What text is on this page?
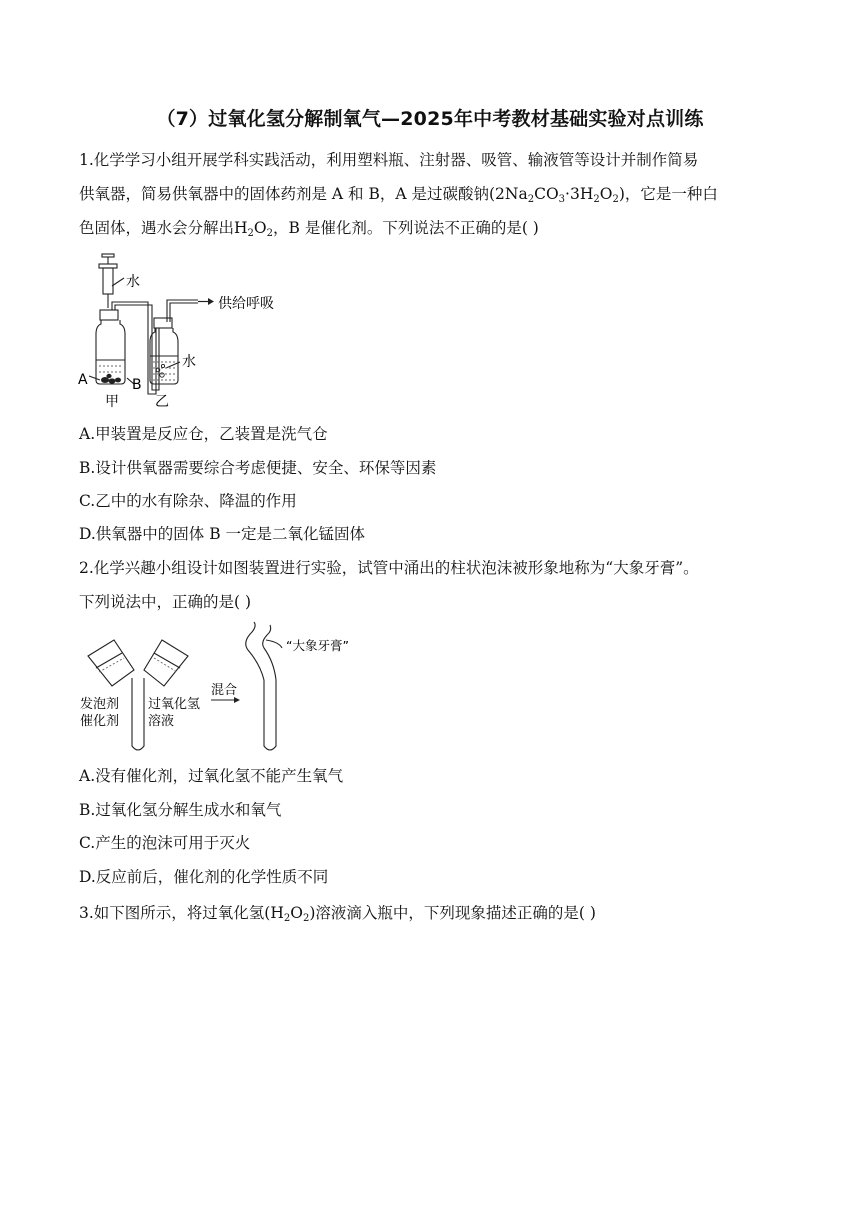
（7）过氧化氢分解制氧气—2025年中考教材基础实验对点训练
1.化学学习小组开展学科实践活动，利用塑料瓶、注射器、吸管、输液管等设计并制作简易
供氧器，简易供氧器中的固体药剂是 A 和 B，A 是过碳酸钠$(2Na_2CO_3\cdot 3H_2O_2)$，它是一种白
色固体，遇水会分解出$H_2O_2$，B 是催化剂。下列说法不正确的是( )
水
供给呼吸
水
A	B
甲	乙
A.甲装置是反应仓，乙装置是洗气仓
B.设计供氧器需要综合考虑便捷、安全、环保等因素
C.乙中的水有除杂、降温的作用
D.供氧器中的固体 B 一定是二氧化锰固体
2.化学兴趣小组设计如图装置进行实验，试管中涌出的柱状泡沫被形象地称为“大象牙膏”。
下列说法中，正确的是( )
“大象牙膏”
发泡剂
催化剂
过氧化氢
溶液
混合
A.没有催化剂，过氧化氢不能产生氧气
B.过氧化氢分解生成水和氧气
C.产生的泡沫可用于灭火
D.反应前后，催化剂的化学性质不同
3.如下图所示，将过氧化氢$(H_2O_2)$溶液滴入瓶中，下列现象描述正确的是( )
